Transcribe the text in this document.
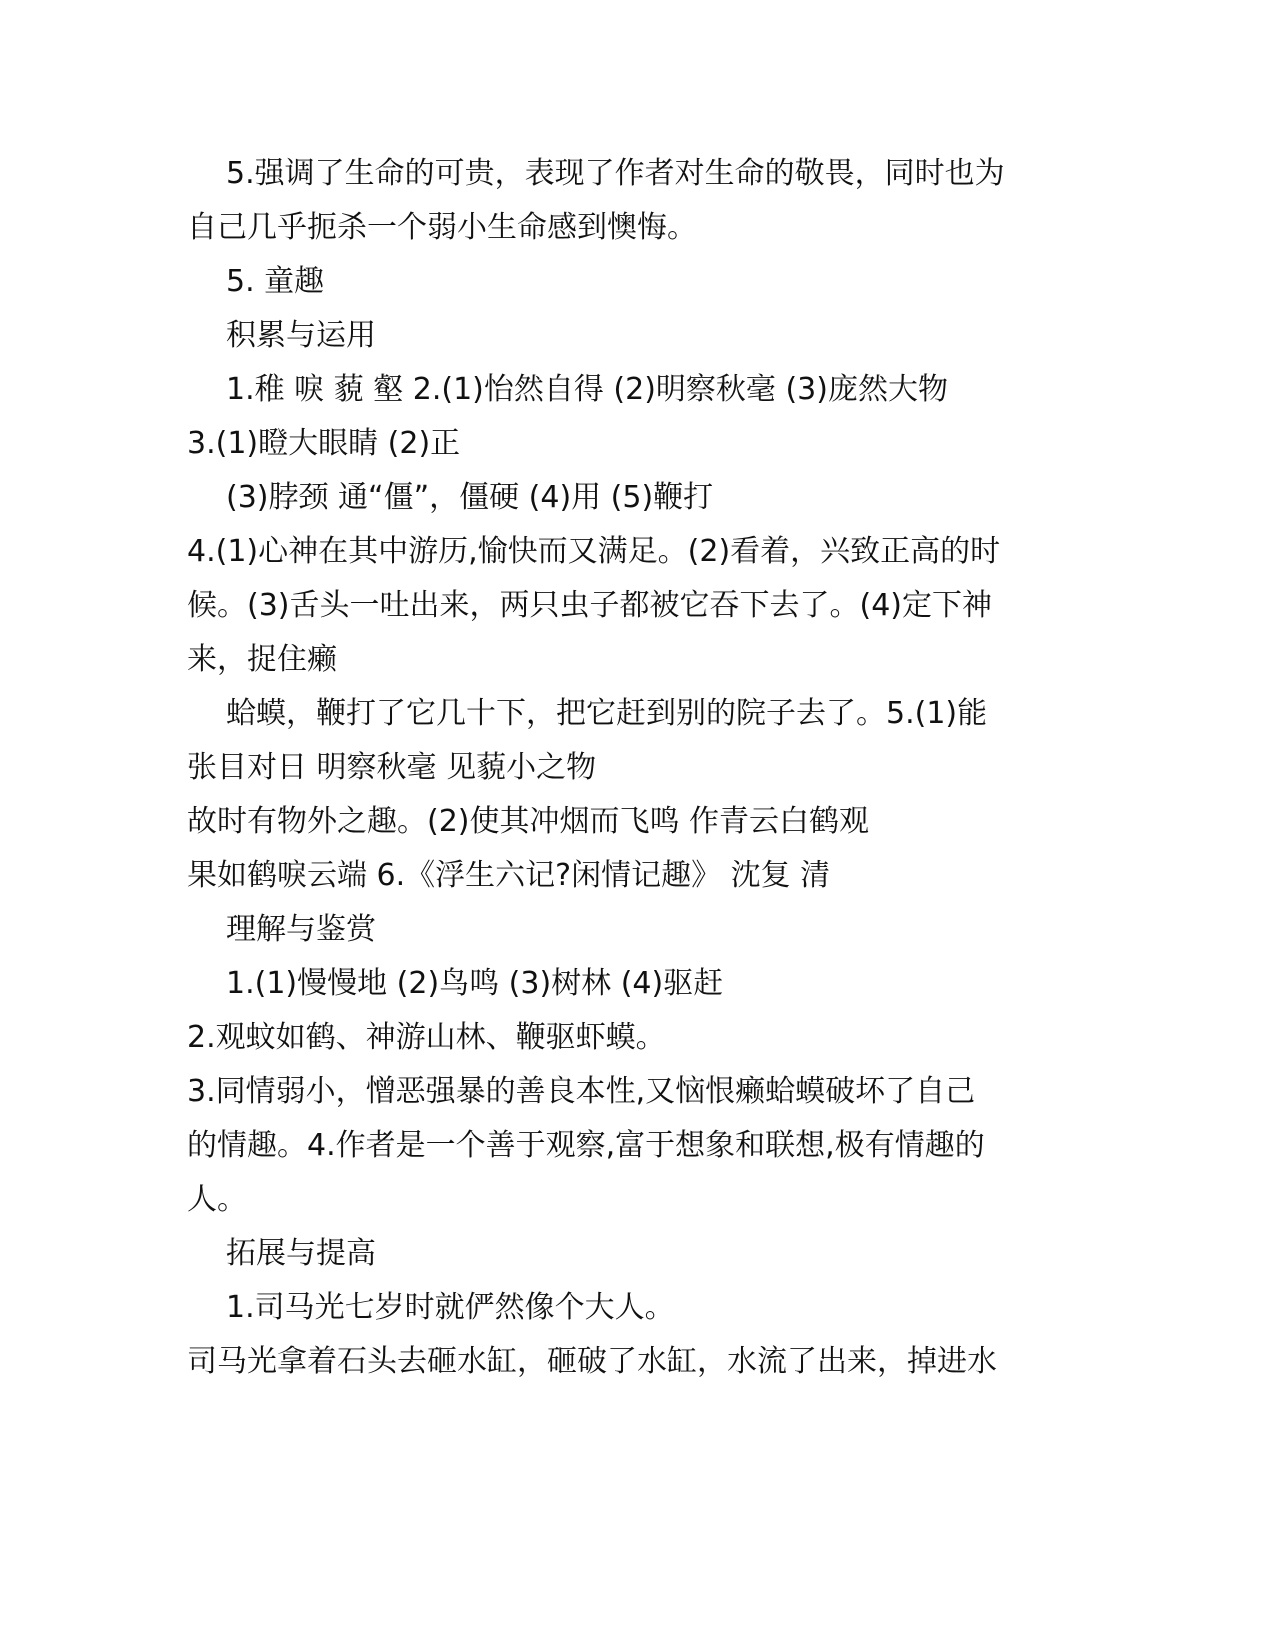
5.强调了生命的可贵，表现了作者对生命的敬畏，同时也为

自己几乎扼杀一个弱小生命感到懊悔。

5. 童趣

积累与运用

1.稚 唳 藐 壑 2.(1)怡然自得 (2)明察秋毫 (3)庞然大物

3.(1)瞪大眼睛 (2)正

(3)脖颈 通“僵”，僵硬 (4)用 (5)鞭打

4.(1)心神在其中游历,愉快而又满足。(2)看着，兴致正高的时

候。(3)舌头一吐出来，两只虫子都被它吞下去了。(4)定下神

来，捉住癞

蛤蟆，鞭打了它几十下，把它赶到别的院子去了。5.(1)能

张目对日 明察秋毫 见藐小之物

故时有物外之趣。(2)使其冲烟而飞鸣 作青云白鹤观

果如鹤唳云端 6.《浮生六记?闲情记趣》 沈复 清

理解与鉴赏

1.(1)慢慢地 (2)鸟鸣 (3)树林 (4)驱赶

2.观蚊如鹤、神游山林、鞭驱虾蟆。

3.同情弱小，憎恶强暴的善良本性,又恼恨癞蛤蟆破坏了自己

的情趣。4.作者是一个善于观察,富于想象和联想,极有情趣的

人。

拓展与提高

1.司马光七岁时就俨然像个大人。

司马光拿着石头去砸水缸，砸破了水缸，水流了出来，掉进水
